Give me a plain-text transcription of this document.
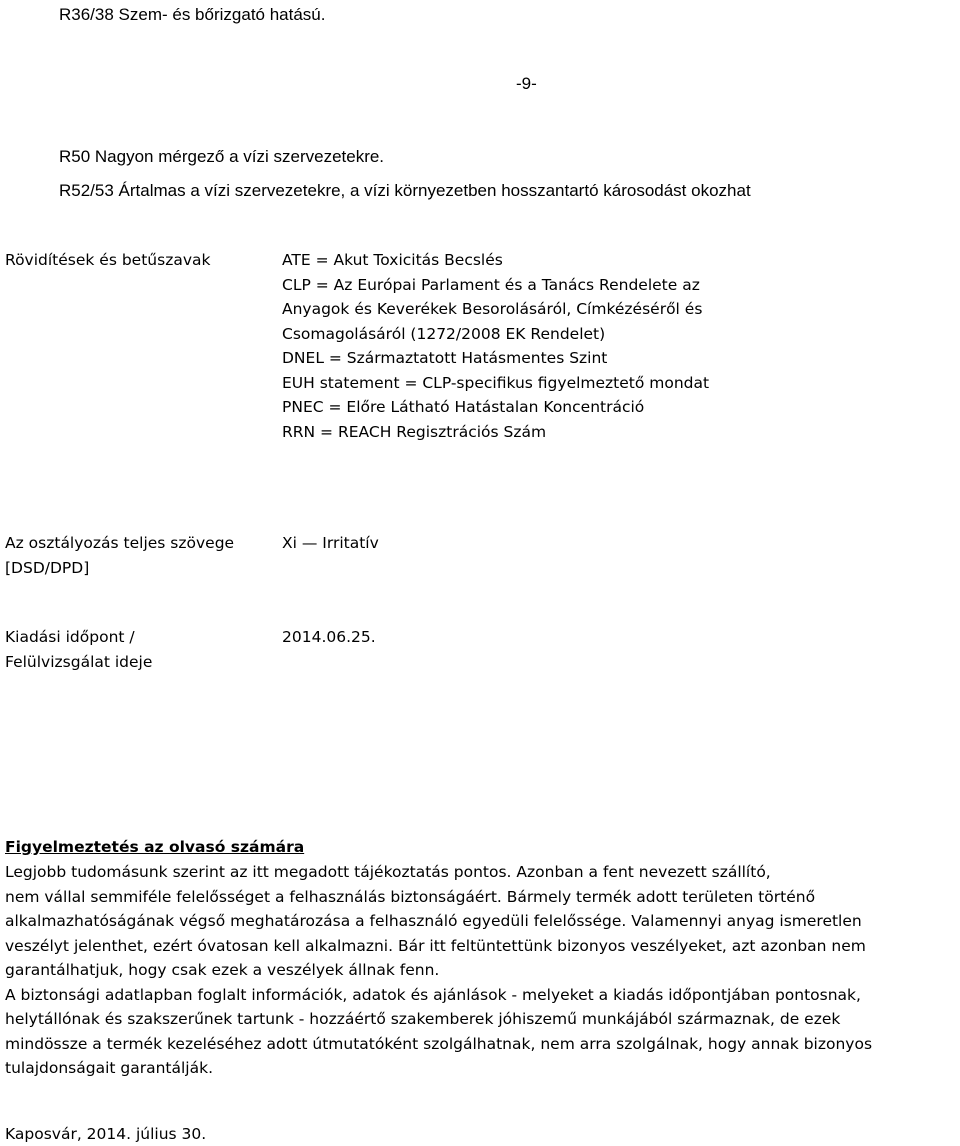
R36/38 Szem- és bőrizgató hatású.
-9-
R50 Nagyon mérgező a vízi szervezetekre.
R52/53 Ártalmas a vízi szervezetekre, a vízi környezetben hosszantartó károsodást okozhat
Rövidítések és betűszavak	ATE = Akut Toxicitás Becslés
CLP = Az Európai Parlament és a Tanács Rendelete az
Anyagok és Keverékek Besorolásáról, Címkézéséről és
Csomagolásáról (1272/2008 EK Rendelet)
DNEL = Származtatott Hatásmentes Szint
EUH statement = CLP-specifikus figyelmeztető mondat
PNEC = Előre Látható Hatástalan Koncentráció
RRN = REACH Regisztrációs Szám
Az osztályozás teljes szövege
[DSD/DPD]
Xi — Irritatív
Kiadási időpont /
Felülvizsgálat ideje
2014.06.25.
Figyelmeztetés az olvasó számára
Legjobb tudomásunk szerint az itt megadott tájékoztatás pontos. Azonban a fent nevezett szállító,
nem vállal semmiféle felelősséget a felhasználás biztonságáért. Bármely termék adott területen történő
alkalmazhatóságának végső meghatározása a felhasználó egyedüli felelőssége. Valamennyi anyag ismeretlen
veszélyt jelenthet, ezért óvatosan kell alkalmazni. Bár itt feltüntettünk bizonyos veszélyeket, azt azonban nem
garantálhatjuk, hogy csak ezek a veszélyek állnak fenn.
A biztonsági adatlapban foglalt információk, adatok és ajánlások - melyeket a kiadás időpontjában pontosnak,
helytállónak és szakszerűnek tartunk - hozzáértő szakemberek jóhiszemű munkájából származnak, de ezek
mindössze a termék kezeléséhez adott útmutatóként szolgálhatnak, nem arra szolgálnak, hogy annak bizonyos
tulajdonságait garantálják.
Kaposvár, 2014. július 30.
